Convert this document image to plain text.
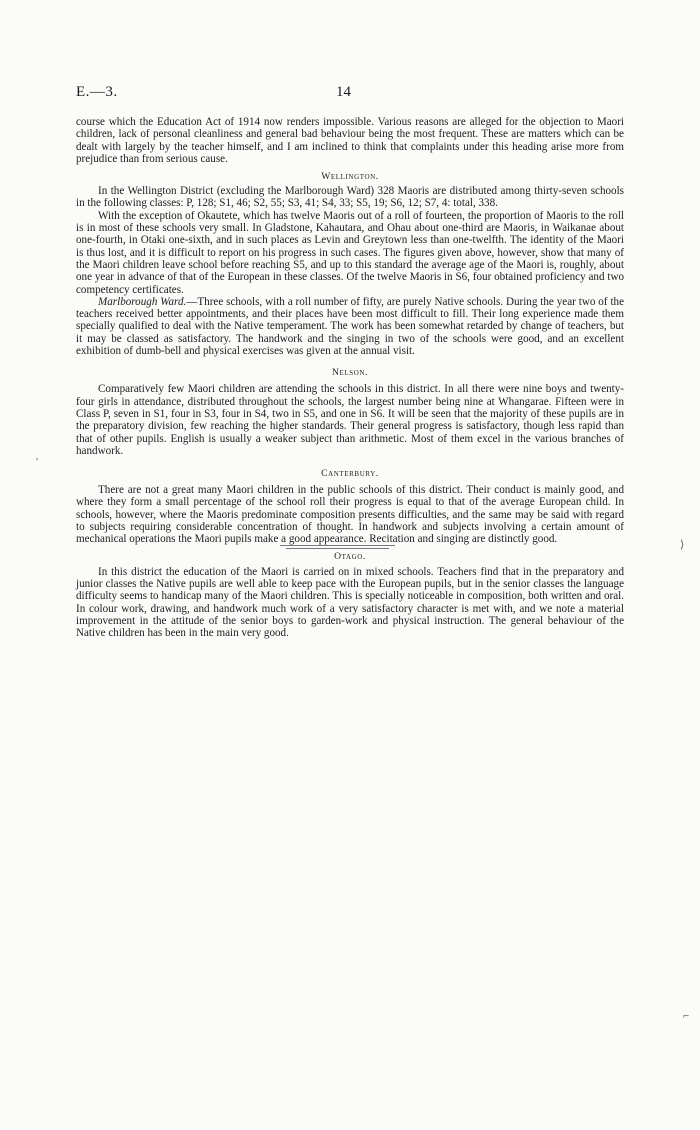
E.—3.	14

course which the Education Act of 1914 now renders impossible. Various reasons are alleged for the objection to Maori children, lack of personal cleanliness and general bad behaviour being the most frequent. These are matters which can be dealt with largely by the teacher himself, and I am inclined to think that complaints under this heading arise more from prejudice than from serious cause.

Wellington.

In the Wellington District (excluding the Marlborough Ward) 328 Maoris are distributed among thirty-seven schools in the following classes: P, 128; S1, 46; S2, 55; S3, 41; S4, 33; S5, 19; S6, 12; S7, 4: total, 338.

With the exception of Okautete, which has twelve Maoris out of a roll of fourteen, the proportion of Maoris to the roll is in most of these schools very small. In Gladstone, Kahautara, and Ohau about one-third are Maoris, in Waikanae about one-fourth, in Otaki one-sixth, and in such places as Levin and Greytown less than one-twelfth. The identity of the Maori is thus lost, and it is difficult to report on his progress in such cases. The figures given above, however, show that many of the Maori children leave school before reaching S5, and up to this standard the average age of the Maori is, roughly, about one year in advance of that of the European in these classes. Of the twelve Maoris in S6, four obtained proficiency and two competency certificates.

Marlborough Ward.—Three schools, with a roll number of fifty, are purely Native schools. During the year two of the teachers received better appointments, and their places have been most difficult to fill. Their long experience made them specially qualified to deal with the Native temperament. The work has been somewhat retarded by change of teachers, but it may be classed as satisfactory. The handwork and the singing in two of the schools were good, and an excellent exhibition of dumb-bell and physical exercises was given at the annual visit.

Nelson.

Comparatively few Maori children are attending the schools in this district. In all there were nine boys and twenty-four girls in attendance, distributed throughout the schools, the largest number being nine at Whangarae. Fifteen were in Class P, seven in S1, four in S3, four in S4, two in S5, and one in S6. It will be seen that the majority of these pupils are in the preparatory division, few reaching the higher standards. Their general progress is satisfactory, though less rapid than that of other pupils. English is usually a weaker subject than arithmetic. Most of them excel in the various branches of handwork.

Canterbury.

There are not a great many Maori children in the public schools of this district. Their conduct is mainly good, and where they form a small percentage of the school roll their progress is equal to that of the average European child. In schools, however, where the Maoris predominate composition presents difficulties, and the same may be said with regard to subjects requiring considerable concentration of thought. In handwork and subjects involving a certain amount of mechanical operations the Maori pupils make a good appearance. Recitation and singing are distinctly good.

Otago.

In this district the education of the Maori is carried on in mixed schools. Teachers find that in the preparatory and junior classes the Native pupils are well able to keep pace with the European pupils, but in the senior classes the language difficulty seems to handicap many of the Maori children. This is specially noticeable in composition, both written and oral. In colour work, drawing, and handwork much work of a very satisfactory character is met with, and we note a material improvement in the attitude of the senior boys to garden-work and physical instruction. The general behaviour of the Native children has been in the main very good.

ʹ
⟩
⌐
